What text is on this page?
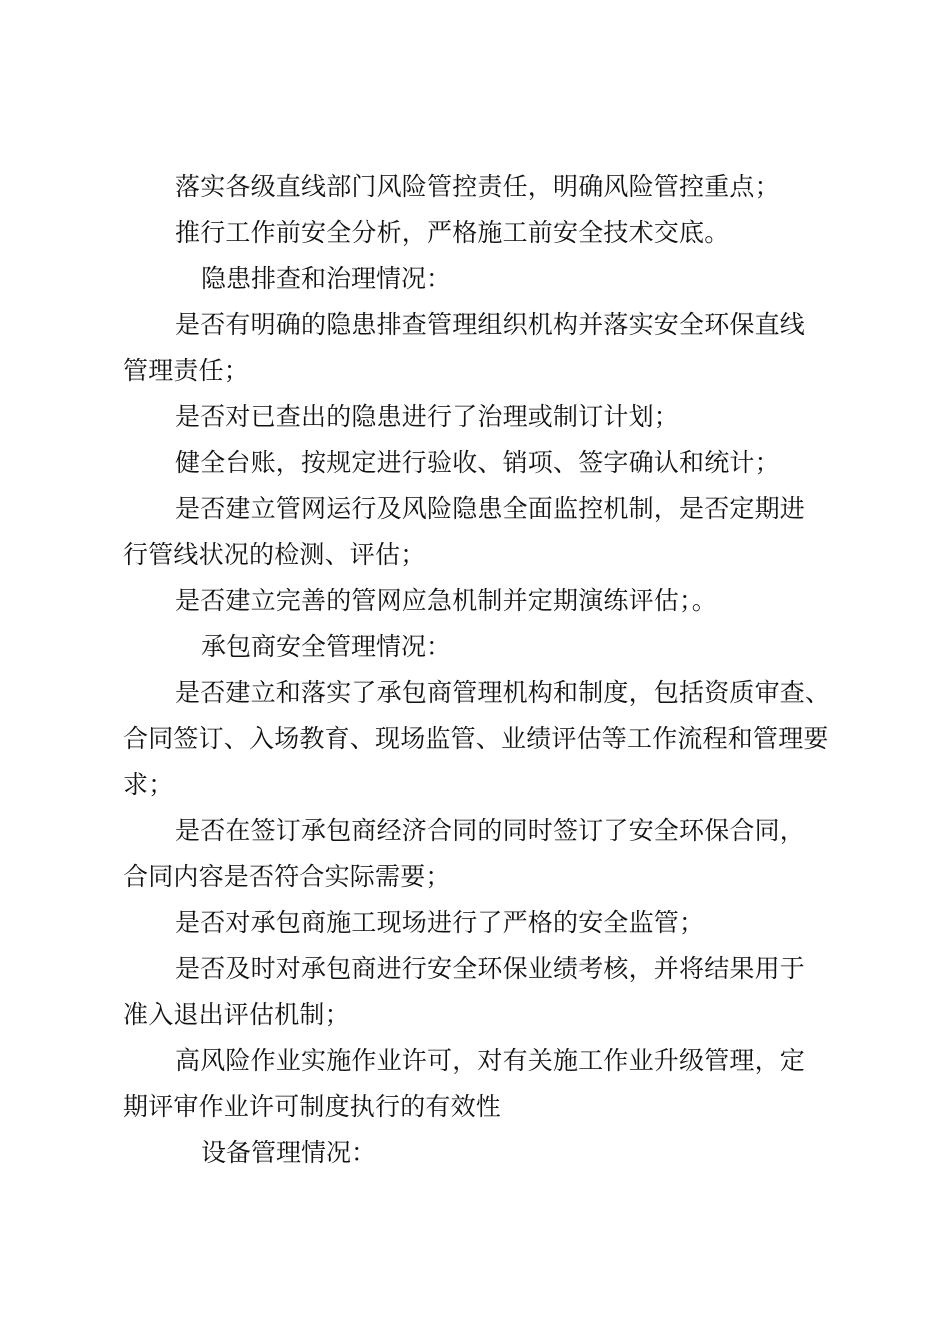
落实各级直线部门风险管控责任，明确风险管控重点；

推行工作前安全分析，严格施工前安全技术交底。

隐患排查和治理情况：

是否有明确的隐患排查管理组织机构并落实安全环保直线
管理责任；

是否对已查出的隐患进行了治理或制订计划；

健全台账，按规定进行验收、销项、签字确认和统计；

是否建立管网运行及风险隐患全面监控机制，是否定期进
行管线状况的检测、评估；

是否建立完善的管网应急机制并定期演练评估；。

承包商安全管理情况：

是否建立和落实了承包商管理机构和制度，包括资质审查、
合同签订、入场教育、现场监管、业绩评估等工作流程和管理要
求；

是否在签订承包商经济合同的同时签订了安全环保合同，
合同内容是否符合实际需要；

是否对承包商施工现场进行了严格的安全监管；

是否及时对承包商进行安全环保业绩考核，并将结果用于
准入退出评估机制；

高风险作业实施作业许可，对有关施工作业升级管理，定
期评审作业许可制度执行的有效性

设备管理情况：
